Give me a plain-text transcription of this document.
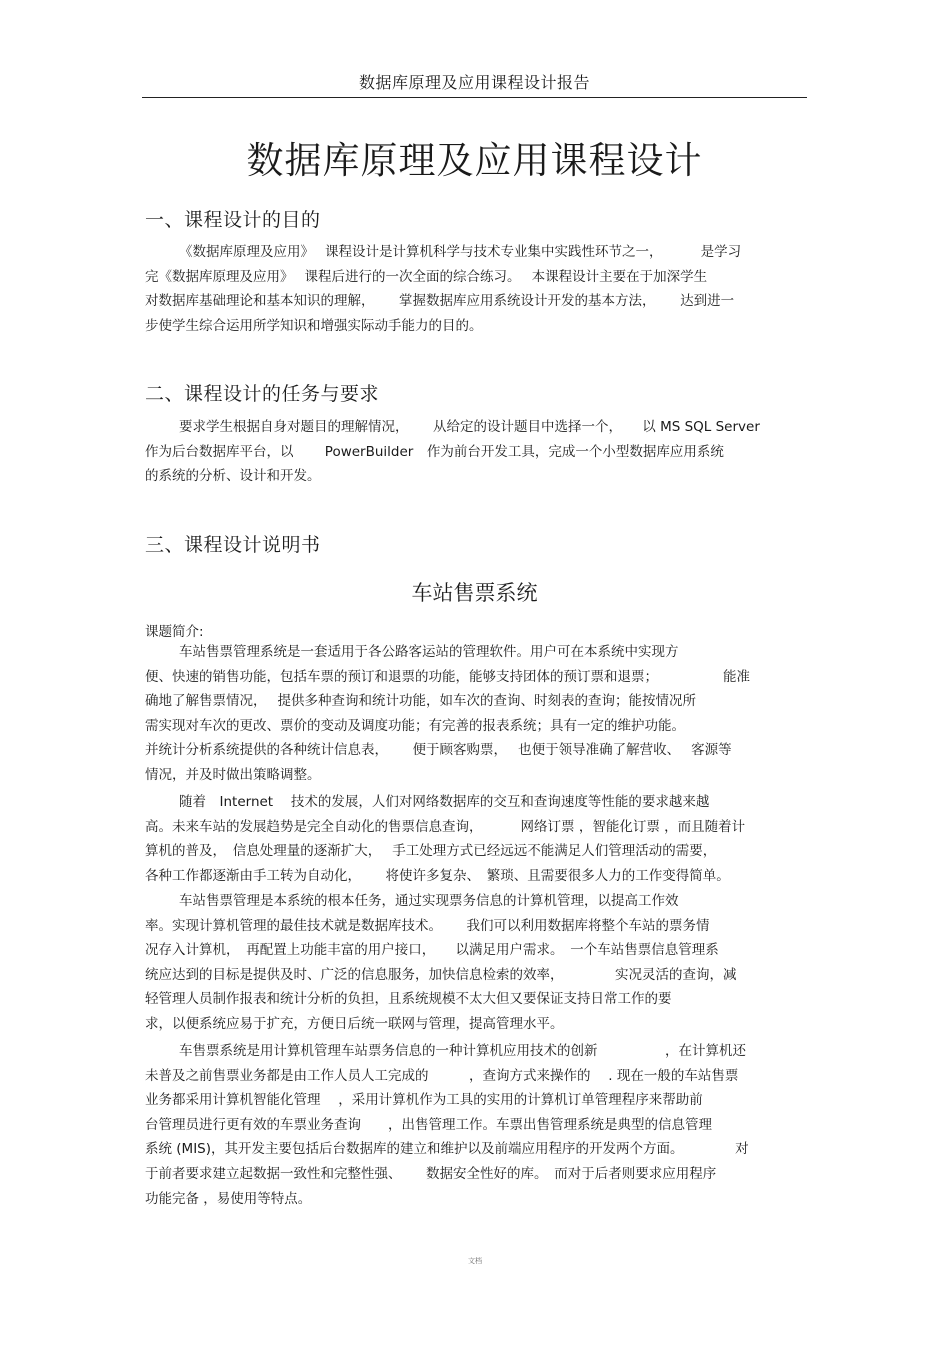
数据库原理及应用课程设计报告
数据库原理及应用课程设计
一、课程设计的目的
《数据库原理及应用》　 课程设计是计算机科学与技术专业集中实践性环节之一，　　　 是学习
完《数据库原理及应用》　 课程后进行的一次全面的综合练习。　 本课程设计主要在于加深学生
对数据库基础理论和基本知识的理解，　　 掌握数据库应用系统设计开发的基本方法，　　 达到进一
步使学生综合运用所学知识和增强实际动手能力的目的。
二、课程设计的任务与要求
要求学生根据自身对题目的理解情况，　　 从给定的设计题目中选择一个，　　以 MS SQL Server
作为后台数据库平台，以　　 PowerBuilder　作为前台开发工具，完成一个小型数据库应用系统
的系统的分析、设计和开发。
三、课程设计说明书
车站售票系统
课题简介:
车站售票管理系统是一套适用于各公路客运站的管理软件。用户可在本系统中实现方
便、快速的销售功能，包括车票的预订和退票的功能，能够支持团体的预订票和退票；　　　　　 能准
确地了解售票情况，　 提供多种查询和统计功能，如车次的查询、时刻表的查询；能按情况所
需实现对车次的更改、票价的变动及调度功能；有完善的报表系统；具有一定的维护功能。
并统计分析系统提供的各种统计信息表，　　 便于顾客购票，　 也便于领导准确了解营收、　 客源等
情况，并及时做出策略调整。
随着　Internet　 技术的发展，人们对网络数据库的交互和查询速度等性能的要求越来越
高。未来车站的发展趋势是完全自动化的售票信息查询，　　　 网络订票 ，智能化订票 ，而且随着计
算机的普及，　信息处理量的逐渐扩大，　 手工处理方式已经远远不能满足人们管理活动的需要，
各种工作都逐渐由手工转为自动化，　　 将使许多复杂、　繁琐、且需要很多人力的工作变得简单。
车站售票管理是本系统的根本任务，通过实现票务信息的计算机管理，以提高工作效
率。实现计算机管理的最佳技术就是数据库技术。　　 我们可以利用数据库将整个车站的票务情
况存入计算机，　再配置上功能丰富的用户接口，　　以满足用户需求。　一个车站售票信息管理系
统应达到的目标是提供及时、广泛的信息服务，加快信息检索的效率，　　　　 实况灵活的查询，减
轻管理人员制作报表和统计分析的负担，且系统规模不太大但又要保证支持日常工作的要
求，以便系统应易于扩充，方便日后统一联网与管理，提高管理水平。
车售票系统是用计算机管理车站票务信息的一种计算机应用技术的创新　　　　　，在计算机还
未普及之前售票业务都是由工作人员人工完成的　　　，查询方式来操作的　 . 现在一般的车站售票
业务都采用计算机智能化管理　 ，采用计算机作为工具的实用的计算机订单管理程序来帮助前
台管理员进行更有效的车票业务查询　　，出售管理工作。车票出售管理系统是典型的信息管理
系统 (MIS)，其开发主要包括后台数据库的建立和维护以及前端应用程序的开发两个方面。　　　　 对
于前者要求建立起数据一致性和完整性强、　　 数据安全性好的库。　而对于后者则要求应用程序
功能完备 ，易使用等特点。
文档
